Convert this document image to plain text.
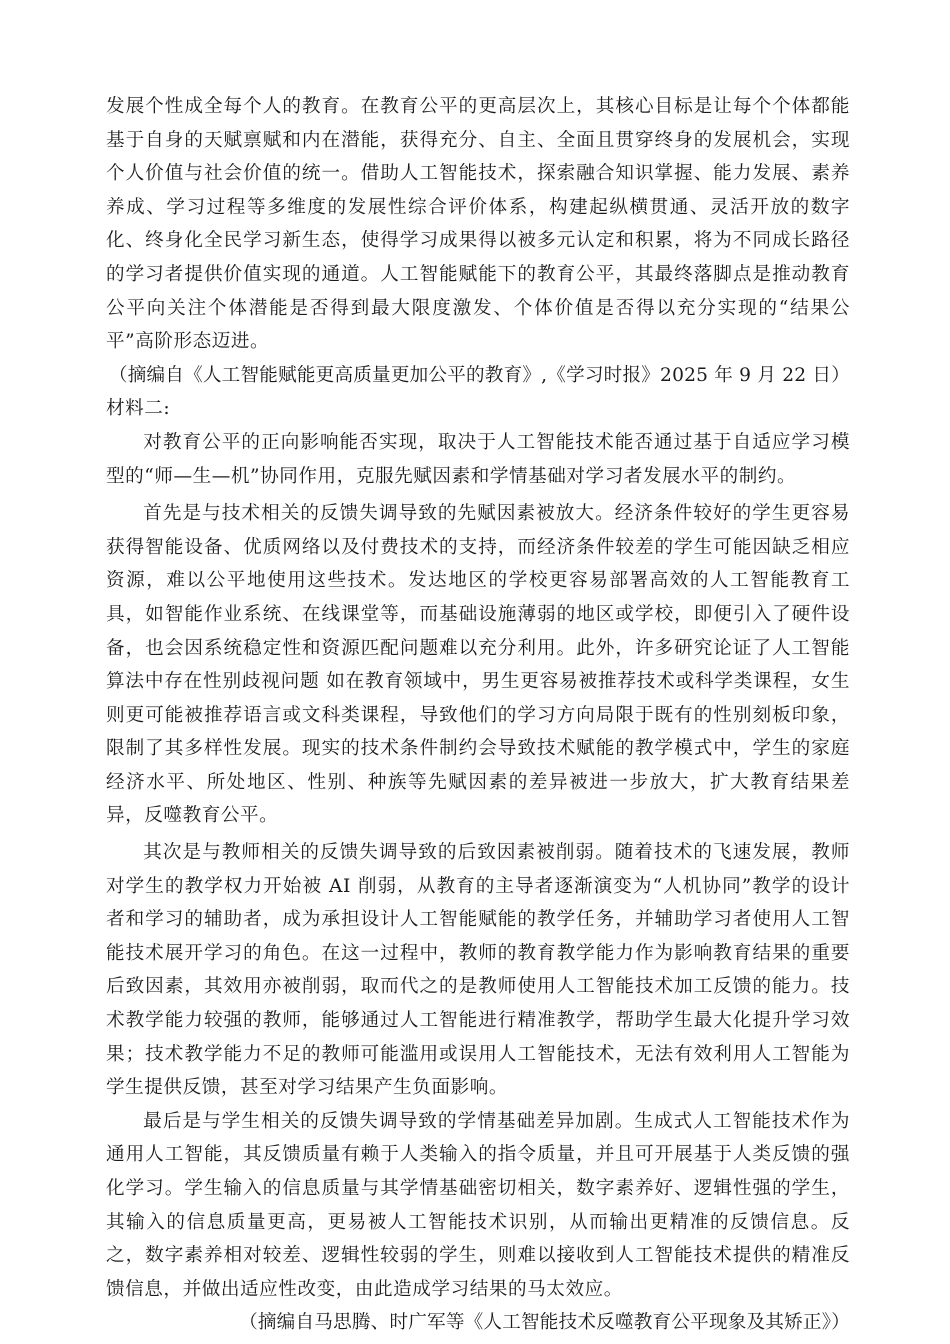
发展个性成全每个人的教育。在教育公平的更高层次上，其核心目标是让每个个体都能基于自身的天赋禀赋和内在潜能，获得充分、自主、全面且贯穿终身的发展机会，实现个人价值与社会价值的统一。借助人工智能技术，探索融合知识掌握、能力发展、素养养成、学习过程等多维度的发展性综合评价体系，构建起纵横贯通、灵活开放的数字化、终身化全民学习新生态，使得学习成果得以被多元认定和积累，将为不同成长路径的学习者提供价值实现的通道。人工智能赋能下的教育公平，其最终落脚点是推动教育公平向关注个体潜能是否得到最大限度激发、个体价值是否得以充分实现的“结果公平”高阶形态迈进。

（摘编自《人工智能赋能更高质量更加公平的教育》,《学习时报》2025 年 9 月 22 日）

材料二:

对教育公平的正向影响能否实现，取决于人工智能技术能否通过基于自适应学习模型的“师—生—机”协同作用，克服先赋因素和学情基础对学习者发展水平的制约。

首先是与技术相关的反馈失调导致的先赋因素被放大。经济条件较好的学生更容易获得智能设备、优质网络以及付费技术的支持，而经济条件较差的学生可能因缺乏相应资源，难以公平地使用这些技术。发达地区的学校更容易部署高效的人工智能教育工具，如智能作业系统、在线课堂等，而基础设施薄弱的地区或学校，即便引入了硬件设备，也会因系统稳定性和资源匹配问题难以充分利用。此外，许多研究论证了人工智能算法中存在性别歧视问题 如在教育领域中，男生更容易被推荐技术或科学类课程，女生则更可能被推荐语言或文科类课程，导致他们的学习方向局限于既有的性别刻板印象，限制了其多样性发展。现实的技术条件制约会导致技术赋能的教学模式中，学生的家庭经济水平、所处地区、性别、种族等先赋因素的差异被进一步放大，扩大教育结果差异，反噬教育公平。

其次是与教师相关的反馈失调导致的后致因素被削弱。随着技术的飞速发展，教师对学生的教学权力开始被 AI 削弱，从教育的主导者逐渐演变为“人机协同”教学的设计者和学习的辅助者，成为承担设计人工智能赋能的教学任务，并辅助学习者使用人工智能技术展开学习的角色。在这一过程中，教师的教育教学能力作为影响教育结果的重要后致因素，其效用亦被削弱，取而代之的是教师使用人工智能技术加工反馈的能力。技术教学能力较强的教师，能够通过人工智能进行精准教学，帮助学生最大化提升学习效果；技术教学能力不足的教师可能滥用或误用人工智能技术，无法有效利用人工智能为学生提供反馈，甚至对学习结果产生负面影响。

最后是与学生相关的反馈失调导致的学情基础差异加剧。生成式人工智能技术作为通用人工智能，其反馈质量有赖于人类输入的指令质量，并且可开展基于人类反馈的强化学习。学生输入的信息质量与其学情基础密切相关，数字素养好、逻辑性强的学生，其输入的信息质量更高，更易被人工智能技术识别，从而输出更精准的反馈信息。反之，数字素养相对较差、逻辑性较弱的学生，则难以接收到人工智能技术提供的精准反馈信息，并做出适应性改变，由此造成学习结果的马太效应。

（摘编自马思腾、时广军等《人工智能技术反噬教育公平现象及其矫正》）
